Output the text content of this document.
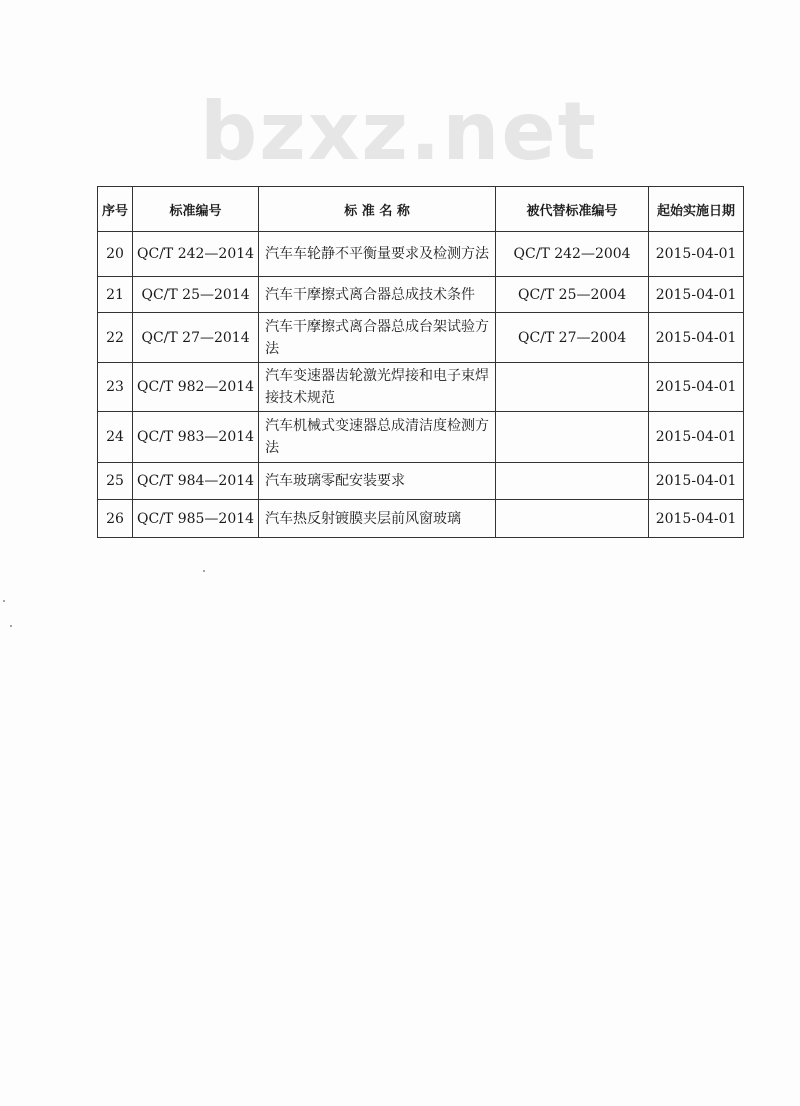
bzxz.net
序号	标准编号	标 准 名 称	被代替标准编号	起始实施日期
20	QC/T 242—2014	汽车车轮静不平衡量要求及检测方法	QC/T 242—2004	2015-04-01
21	QC/T 25—2014	汽车干摩擦式离合器总成技术条件	QC/T 25—2004	2015-04-01
22	QC/T 27—2014	汽车干摩擦式离合器总成台架试验方法	QC/T 27—2004	2015-04-01
23	QC/T 982—2014	汽车变速器齿轮激光焊接和电子束焊接技术规范		2015-04-01
24	QC/T 983—2014	汽车机械式变速器总成清洁度检测方法		2015-04-01
25	QC/T 984—2014	汽车玻璃零配安装要求		2015-04-01
26	QC/T 985—2014	汽车热反射镀膜夹层前风窗玻璃		2015-04-01
